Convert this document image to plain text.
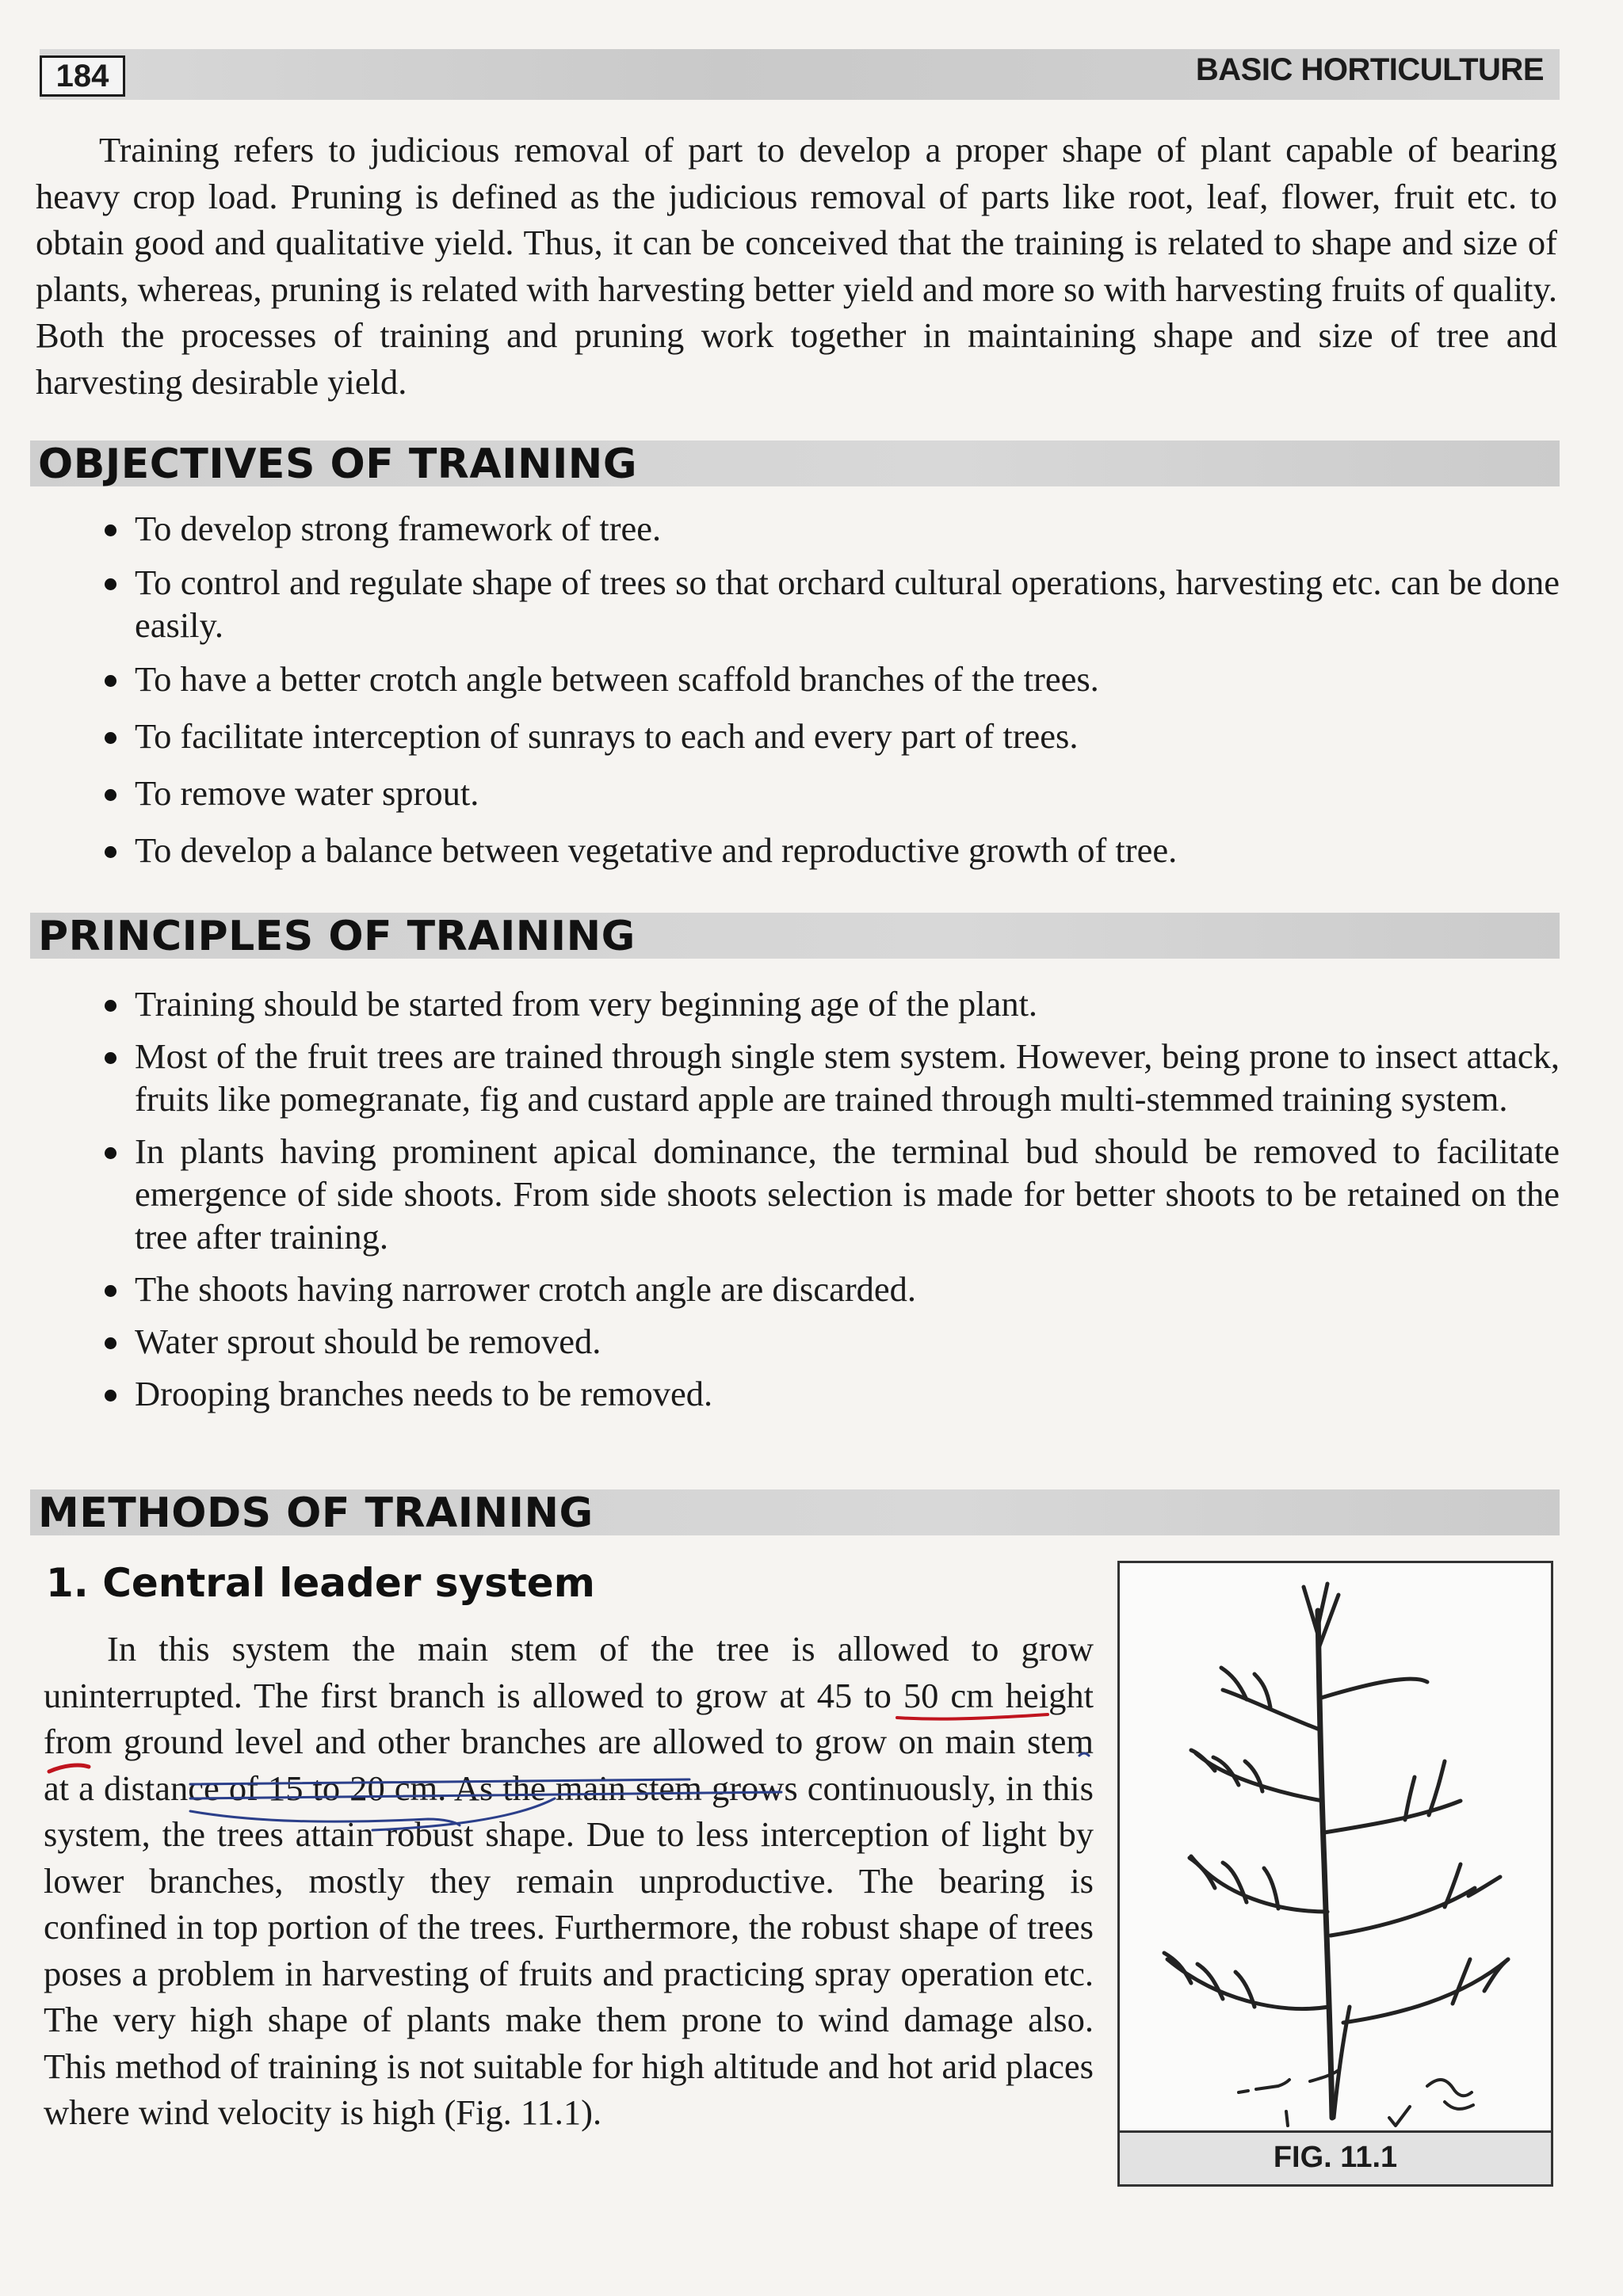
184	BASIC HORTICULTURE

Training refers to judicious removal of part to develop a proper shape of plant capable of bearing heavy crop load. Pruning is defined as the judicious removal of parts like root, leaf, flower, fruit etc. to obtain good and qualitative yield. Thus, it can be conceived that the training is related to shape and size of plants, whereas, pruning is related with harvesting better yield and more so with harvesting fruits of quality. Both the processes of training and pruning work together in maintaining shape and size of tree and harvesting desirable yield.

OBJECTIVES OF TRAINING
To develop strong framework of tree.
To control and regulate shape of trees so that orchard cultural operations, harvesting etc. can be done easily.
To have a better crotch angle between scaffold branches of the trees.
To facilitate interception of sunrays to each and every part of trees.
To remove water sprout.
To develop a balance between vegetative and reproductive growth of tree.
PRINCIPLES OF TRAINING
Training should be started from very beginning age of the plant.
Most of the fruit trees are trained through single stem system. However, being prone to insect attack, fruits like pomegranate, fig and custard apple are trained through multi-stemmed training system.
In plants having prominent apical dominance, the terminal bud should be removed to facilitate emergence of side shoots. From side shoots selection is made for better shoots to be retained on the tree after training.
The shoots having narrower crotch angle are discarded.
Water sprout should be removed.
Drooping branches needs to be removed.
METHODS OF TRAINING
1. Central leader system

In this system the main stem of the tree is allowed to grow uninterrupted. The first branch is allowed to grow at 45 to 50 cm height from ground level and other branches are allowed to grow on main stem at a distance of 15 to 20 cm. As the main stem grows continuously, in this system, the trees attain robust shape. Due to less interception of light by lower branches, mostly they remain unproductive. The bearing is confined in top portion of the trees. Furthermore, the robust shape of trees poses a problem in harvesting of fruits and practicing spray operation etc. The very high shape of plants make them prone to wind damage also. This method of training is not suitable for high altitude and hot arid places where wind velocity is high (Fig. 11.1).

FIG. 11.1
